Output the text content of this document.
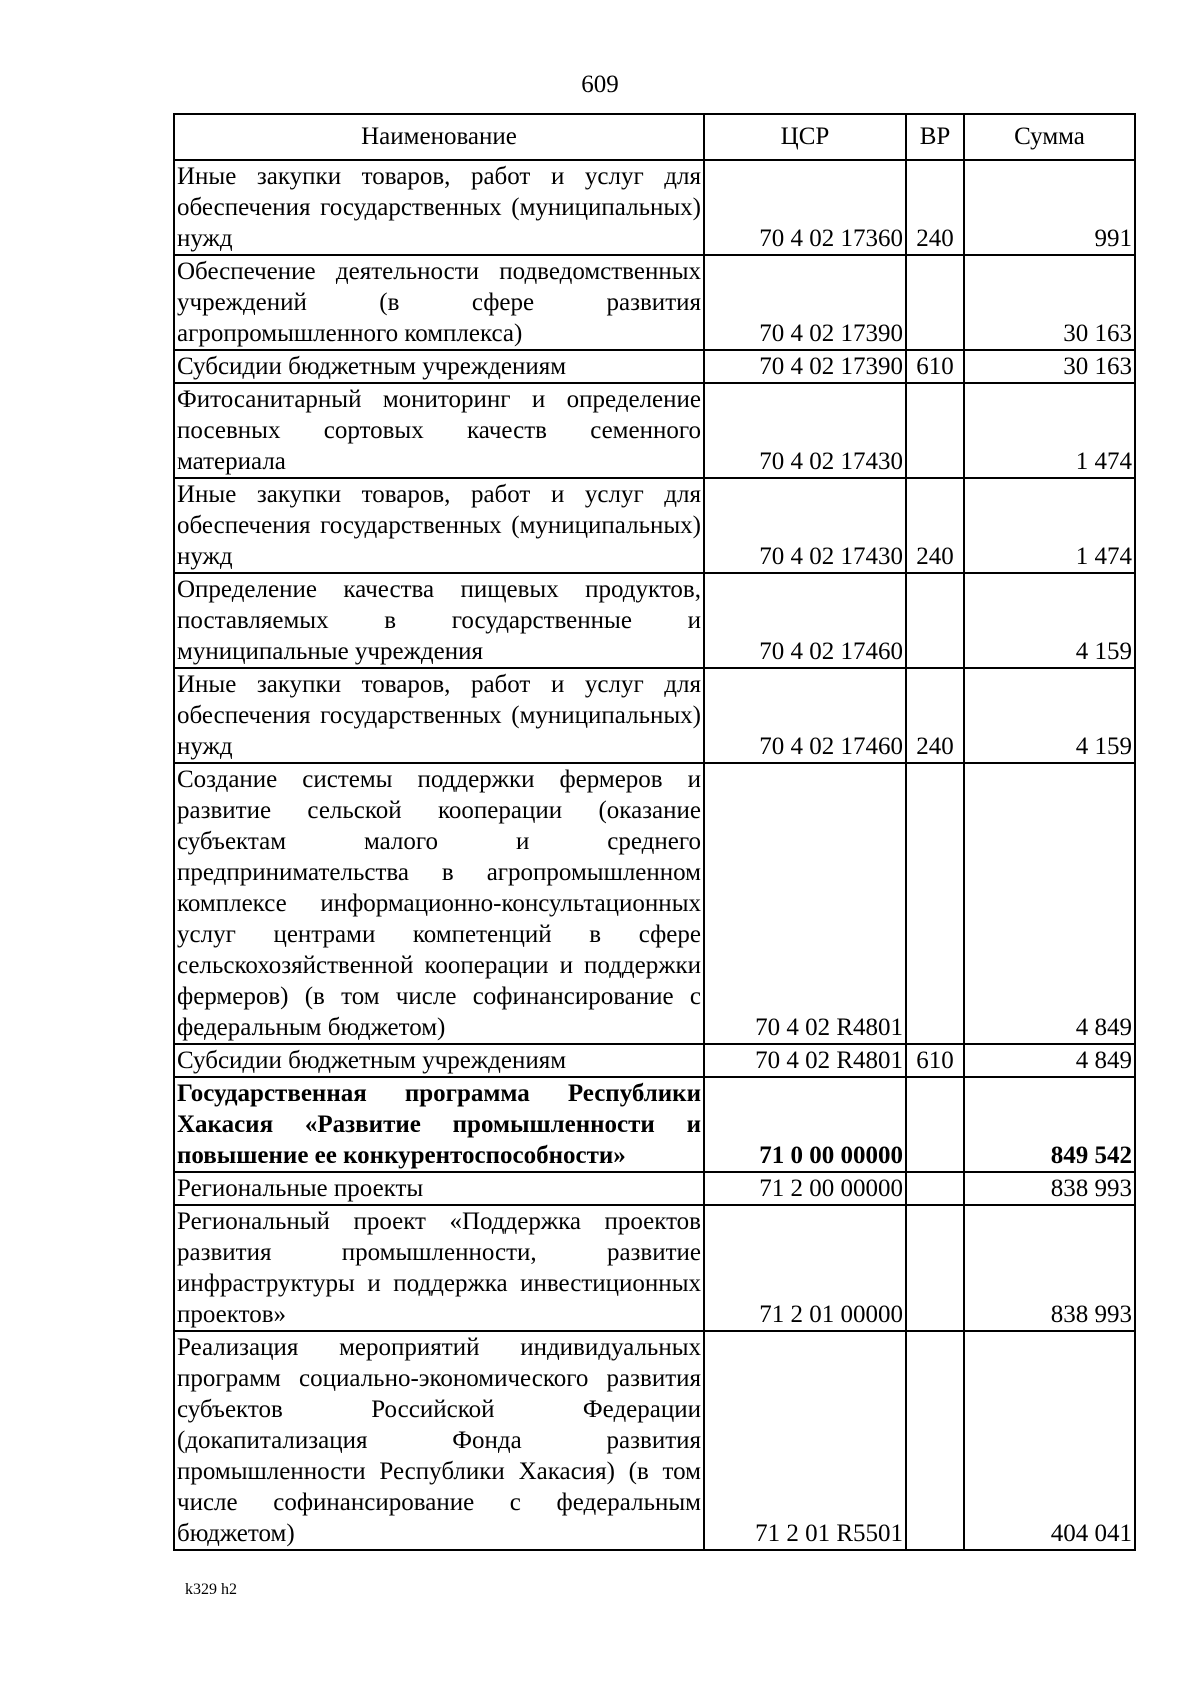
609
Наименование	ЦСР	ВР	Сумма
Иные закупки товаров, работ и услуг для обеспечения государственных (муниципальных) нужд	70 4 02 17360	240	991
Обеспечение деятельности подведомственных учреждений (в сфере развития агропромышленного комплекса)	70 4 02 17390		30 163
Субсидии бюджетным учреждениям	70 4 02 17390	610	30 163
Фитосанитарный мониторинг и определение посевных сортовых качеств семенного материала	70 4 02 17430		1 474
Иные закупки товаров, работ и услуг для обеспечения государственных (муниципальных) нужд	70 4 02 17430	240	1 474
Определение качества пищевых продуктов, поставляемых в государственные и муниципальные учреждения	70 4 02 17460		4 159
Иные закупки товаров, работ и услуг для обеспечения государственных (муниципальных) нужд	70 4 02 17460	240	4 159
Создание системы поддержки фермеров и развитие сельской кооперации (оказание субъектам малого и среднего предпринимательства в агропромышленном комплексе информационно-консультационных услуг центрами компетенций в сфере сельскохозяйственной кооперации и поддержки фермеров) (в том числе софинансирование с федеральным бюджетом)	70 4 02 R4801		4 849
Субсидии бюджетным учреждениям	70 4 02 R4801	610	4 849
Государственная программа Республики Хакасия «Развитие промышленности и повышение ее конкурентоспособности»	71 0 00 00000		849 542
Региональные проекты	71 2 00 00000		838 993
Региональный проект «Поддержка проектов развития промышленности, развитие инфраструктуры и поддержка инвестиционных проектов»	71 2 01 00000		838 993
Реализация мероприятий индивидуальных программ социально-экономического развития субъектов Российской Федерации (докапитализация Фонда развития промышленности Республики Хакасия) (в том числе софинансирование с федеральным бюджетом)	71 2 01 R5501		404 041
k329 h2
